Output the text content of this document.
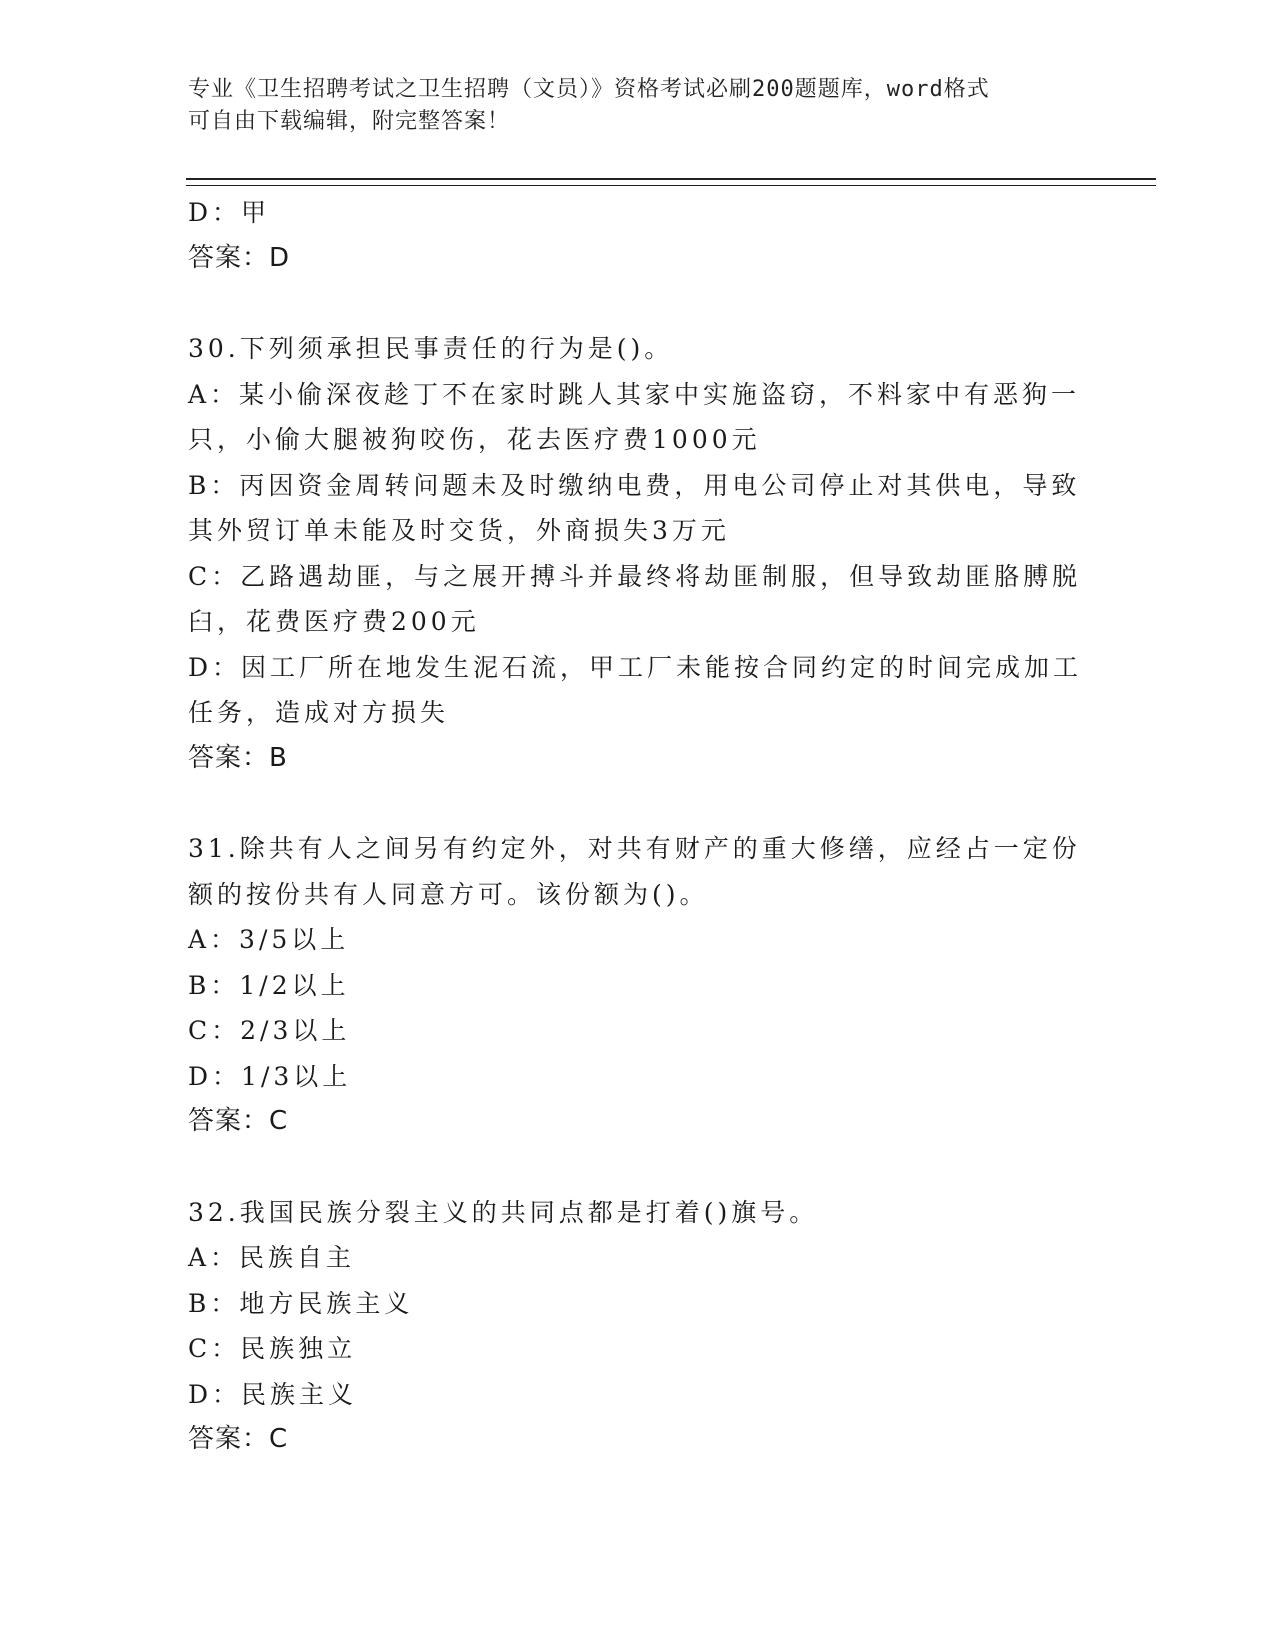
专业《卫生招聘考试之卫生招聘（文员）》资格考试必刷200题题库，word格式
可自由下载编辑，附完整答案！
D：甲
答案：D
30.下列须承担民事责任的行为是()。
A：某小偷深夜趁丁不在家时跳人其家中实施盗窃，不料家中有恶狗一
只，小偷大腿被狗咬伤，花去医疗费1000元
B：丙因资金周转问题未及时缴纳电费，用电公司停止对其供电，导致
其外贸订单未能及时交货，外商损失3万元
C：乙路遇劫匪，与之展开搏斗并最终将劫匪制服，但导致劫匪胳膊脱
臼，花费医疗费200元
D：因工厂所在地发生泥石流，甲工厂未能按合同约定的时间完成加工
任务，造成对方损失
答案：B
31.除共有人之间另有约定外，对共有财产的重大修缮，应经占一定份
额的按份共有人同意方可。该份额为()。
A：3/5以上
B：1/2以上
C：2/3以上
D：1/3以上
答案：C
32.我国民族分裂主义的共同点都是打着()旗号。
A：民族自主
B：地方民族主义
C：民族独立
D：民族主义
答案：C
